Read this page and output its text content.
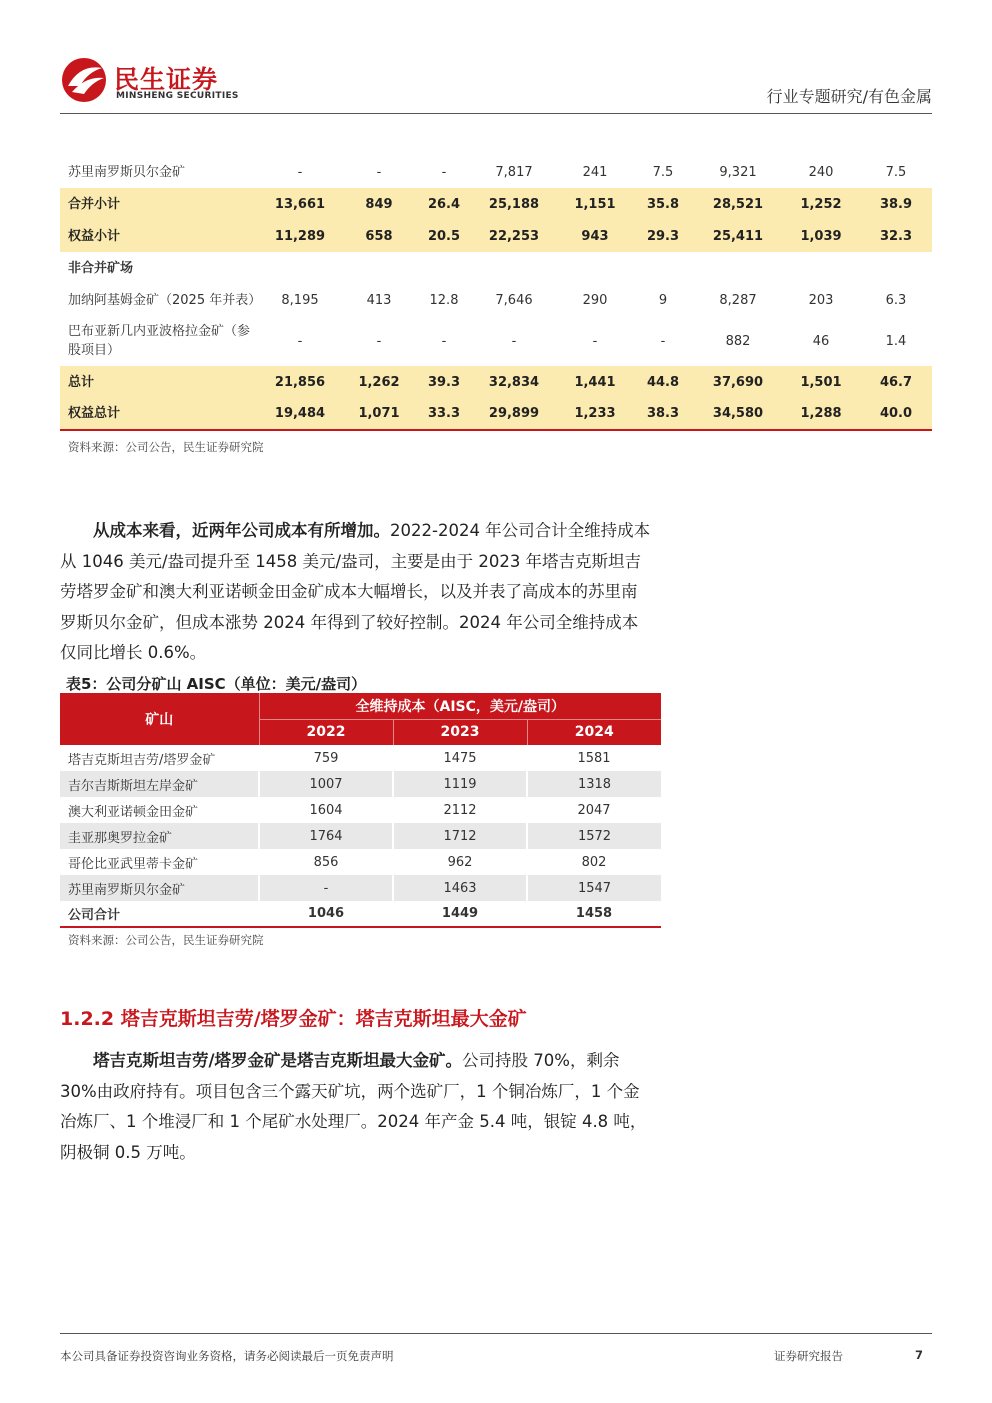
民生证券
MINSHENG SECURITIES	行业专题研究/有色金属
苏里南罗斯贝尔金矿	-	-	-	7,817	241	7.5	9,321	240	7.5
合并小计	13,661	849	26.4	25,188	1,151	35.8	28,521	1,252	38.9
权益小计	11,289	658	20.5	22,253	943	29.3	25,411	1,039	32.3
非合并矿场									
加纳阿基姆金矿（2025 年并表）	8,195	413	12.8	7,646	290	9	8,287	203	6.3
巴布亚新几内亚波格拉金矿（参股项目）	-	-	-	-	-	-	882	46	1.4
总计	21,856	1,262	39.3	32,834	1,441	44.8	37,690	1,501	46.7
权益总计	19,484	1,071	33.3	29,899	1,233	38.3	34,580	1,288	40.0
资料来源：公司公告，民生证券研究院
从成本来看，近两年公司成本有所增加。2022-2024 年公司合计全维持成本从 1046 美元/盎司提升至 1458 美元/盎司，主要是由于 2023 年塔吉克斯坦吉劳塔罗金矿和澳大利亚诺顿金田金矿成本大幅增长，以及并表了高成本的苏里南罗斯贝尔金矿，但成本涨势 2024 年得到了较好控制。2024 年公司全维持成本仅同比增长 0.6%。
表5：公司分矿山 AISC（单位：美元/盎司）
矿山	全维持成本（AISC，美元/盎司）		
	2022	2023	2024
塔吉克斯坦吉劳/塔罗金矿	759	1475	1581
吉尔吉斯斯坦左岸金矿	1007	1119	1318
澳大利亚诺顿金田金矿	1604	2112	2047
圭亚那奥罗拉金矿	1764	1712	1572
哥伦比亚武里蒂卡金矿	856	962	802
苏里南罗斯贝尔金矿	-	1463	1547
公司合计	1046	1449	1458
资料来源：公司公告，民生证券研究院
1.2.2 塔吉克斯坦吉劳/塔罗金矿：塔吉克斯坦最大金矿
塔吉克斯坦吉劳/塔罗金矿是塔吉克斯坦最大金矿。公司持股 70%，剩余 30%由政府持有。项目包含三个露天矿坑，两个选矿厂，1 个铜冶炼厂，1 个金冶炼厂、1 个堆浸厂和 1 个尾矿水处理厂。2024 年产金 5.4 吨，银锭 4.8 吨，阴极铜 0.5 万吨。
本公司具备证券投资咨询业务资格，请务必阅读最后一页免责声明	证券研究报告	7
